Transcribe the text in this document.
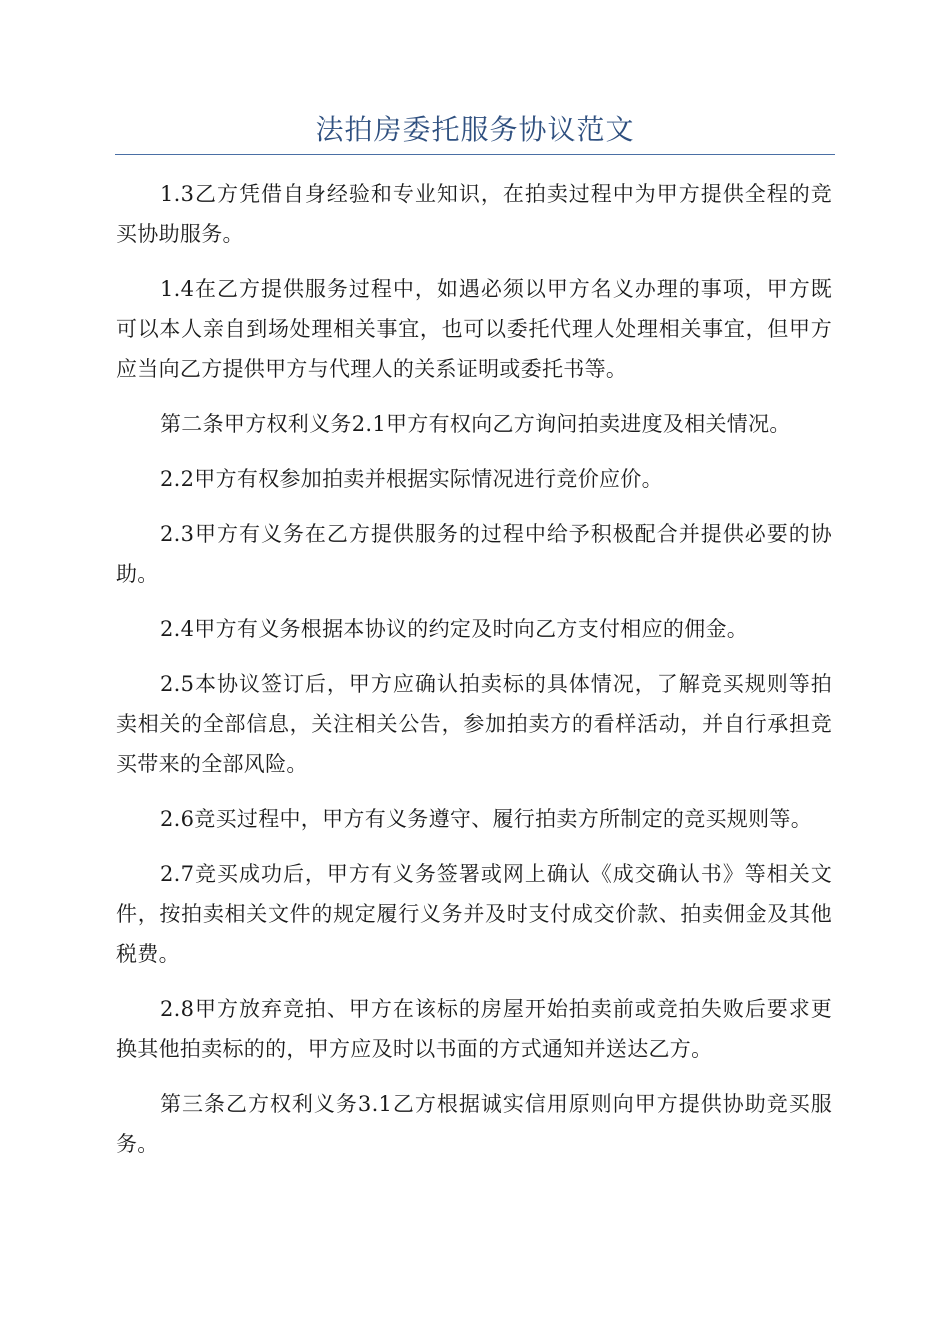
法拍房委托服务协议范文

1.3乙方凭借自身经验和专业知识，在拍卖过程中为甲方提供全程的竞买协助服务。

1.4在乙方提供服务过程中，如遇必须以甲方名义办理的事项，甲方既可以本人亲自到场处理相关事宜，也可以委托代理人处理相关事宜，但甲方应当向乙方提供甲方与代理人的关系证明或委托书等。

第二条甲方权利义务2.1甲方有权向乙方询问拍卖进度及相关情况。

2.2甲方有权参加拍卖并根据实际情况进行竞价应价。

2.3甲方有义务在乙方提供服务的过程中给予积极配合并提供必要的协助。

2.4甲方有义务根据本协议的约定及时向乙方支付相应的佣金。

2.5本协议签订后，甲方应确认拍卖标的具体情况，了解竞买规则等拍卖相关的全部信息，关注相关公告，参加拍卖方的看样活动，并自行承担竞买带来的全部风险。

2.6竞买过程中，甲方有义务遵守、履行拍卖方所制定的竞买规则等。

2.7竞买成功后，甲方有义务签署或网上确认《成交确认书》等相关文件，按拍卖相关文件的规定履行义务并及时支付成交价款、拍卖佣金及其他税费。

2.8甲方放弃竞拍、甲方在该标的房屋开始拍卖前或竞拍失败后要求更换其他拍卖标的的，甲方应及时以书面的方式通知并送达乙方。

第三条乙方权利义务3.1乙方根据诚实信用原则向甲方提供协助竞买服务。
